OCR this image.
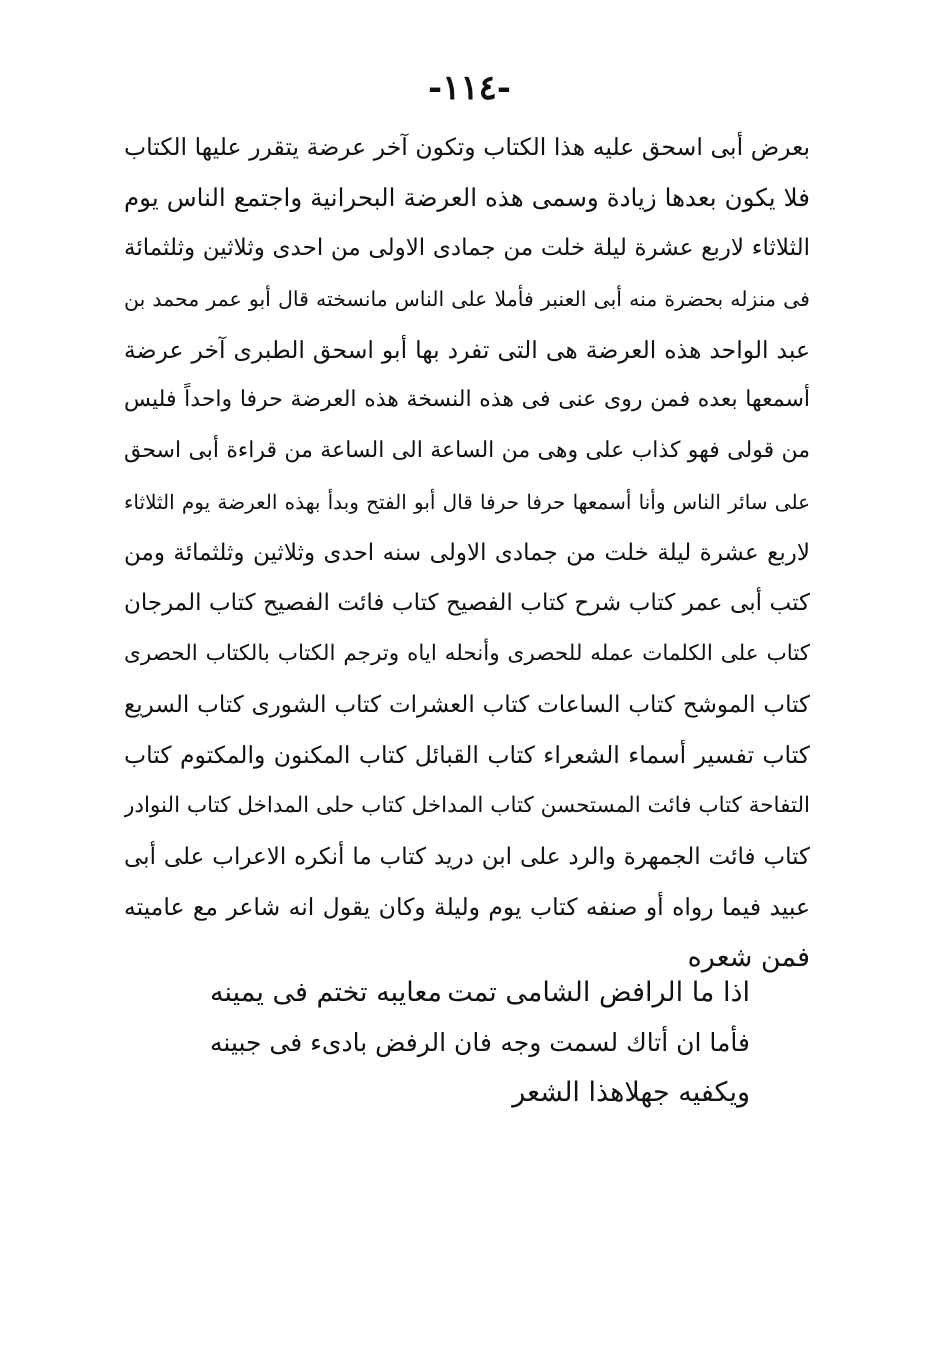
-١١٤-
بعرض أبى اسحق عليه هذا الكتاب وتكون آخر عرضة يتقرر عليها الكتاب
فلا يكون بعدها زيادة وسمى هذه العرضة البحرانية واجتمع الناس يوم
الثلاثاء لاربع عشرة ليلة خلت من جمادى الاولى من احدى وثلاثين وثلثمائة
فى منزله بحضرة منه أبى العنبر فأملا على الناس مانسخته قال أبو عمر محمد بن
عبد الواحد هذه العرضة هى التى تفرد بها أبو اسحق الطبرى آخر عرضة
أسمعها بعده فمن روى عنى فى هذه النسخة هذه العرضة حرفا واحداً فليس
من قولى فهو كذاب على وهى من الساعة الى الساعة من قراءة أبى اسحق
على سائر الناس وأنا أسمعها حرفا حرفا قال أبو الفتح وبدأ بهذه العرضة يوم الثلاثاء
لاربع عشرة ليلة خلت من جمادى الاولى سنه احدى وثلاثين وثلثمائة ومن
كتب أبى عمر كتاب شرح كتاب الفصيح كتاب فائت الفصيح كتاب المرجان
كتاب على الكلمات عمله للحصرى وأنحله اياه وترجم الكتاب بالكتاب الحصرى
كتاب الموشح كتاب الساعات كتاب العشرات كتاب الشورى كتاب السريع
كتاب تفسير أسماء الشعراء كتاب القبائل كتاب المكنون والمكتوم كتاب
التفاحة كتاب فائت المستحسن كتاب المداخل كتاب حلى المداخل كتاب النوادر
كتاب فائت الجمهرة والرد على ابن دريد كتاب ما أنكره الاعراب على أبى
عبيد فيما رواه أو صنفه كتاب يوم وليلة وكان يقول انه شاعر مع عاميته
فمن شعره
اذا ما الرافض الشامى تمت
معايبه تختم فى يمينه
فأما ان أتاك لسمت وجه
فان الرفض بادىء فى جبينه
ويكفيه جهلاهذا الشعر
